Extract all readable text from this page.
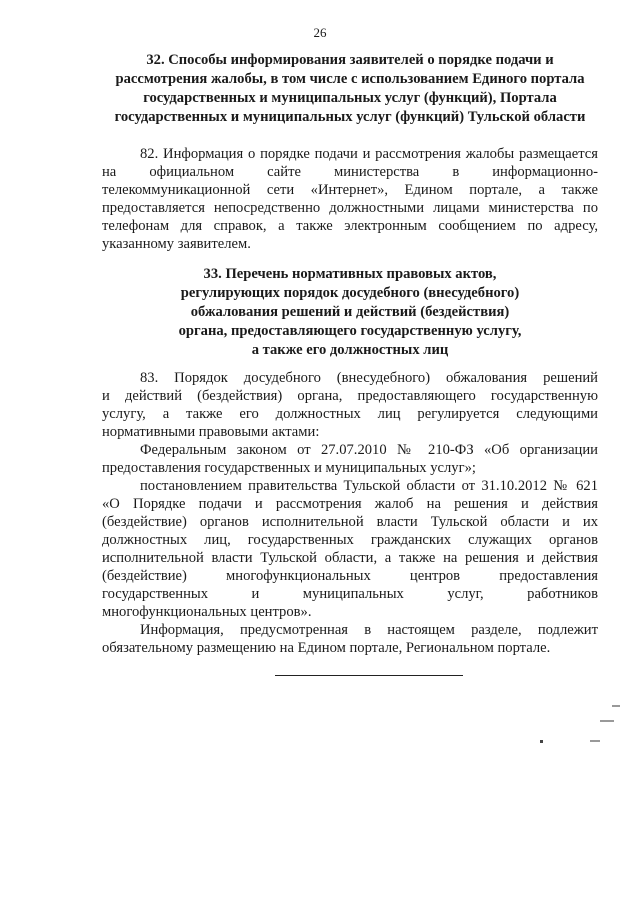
26
32. Способы информирования заявителей о порядке подачи и
рассмотрения жалобы, в том числе с использованием Единого портала
государственных и муниципальных услуг (функций), Портала
государственных и муниципальных услуг (функций) Тульской области
82. Информация о порядке подачи и рассмотрения жалобы размещается
на официальном сайте министерства в информационно-
телекоммуникационной сети «Интернет», Едином портале, а также
предоставляется непосредственно должностными лицами министерства по
телефонам для справок, а также электронным сообщением по адресу,
указанному заявителем.
33. Перечень нормативных правовых актов,
регулирующих порядок досудебного (внесудебного)
обжалования решений и действий (бездействия)
органа, предоставляющего государственную услугу,
а также его должностных лиц
83. Порядок досудебного (внесудебного) обжалования решений
и действий (бездействия) органа, предоставляющего государственную
услугу, а также его должностных лиц регулируется следующими
нормативными правовыми актами:
Федеральным законом от 27.07.2010 № 210-ФЗ «Об организации
предоставления государственных и муниципальных услуг»;
постановлением правительства Тульской области от 31.10.2012 № 621
«О Порядке подачи и рассмотрения жалоб на решения и действия
(бездействие) органов исполнительной власти Тульской области и их
должностных лиц, государственных гражданских служащих органов
исполнительной власти Тульской области, а также на решения и действия
(бездействие) многофункциональных центров предоставления
государственных и муниципальных услуг, работников
многофункциональных центров».
Информация, предусмотренная в настоящем разделе, подлежит
обязательному размещению на Едином портале, Региональном портале.
